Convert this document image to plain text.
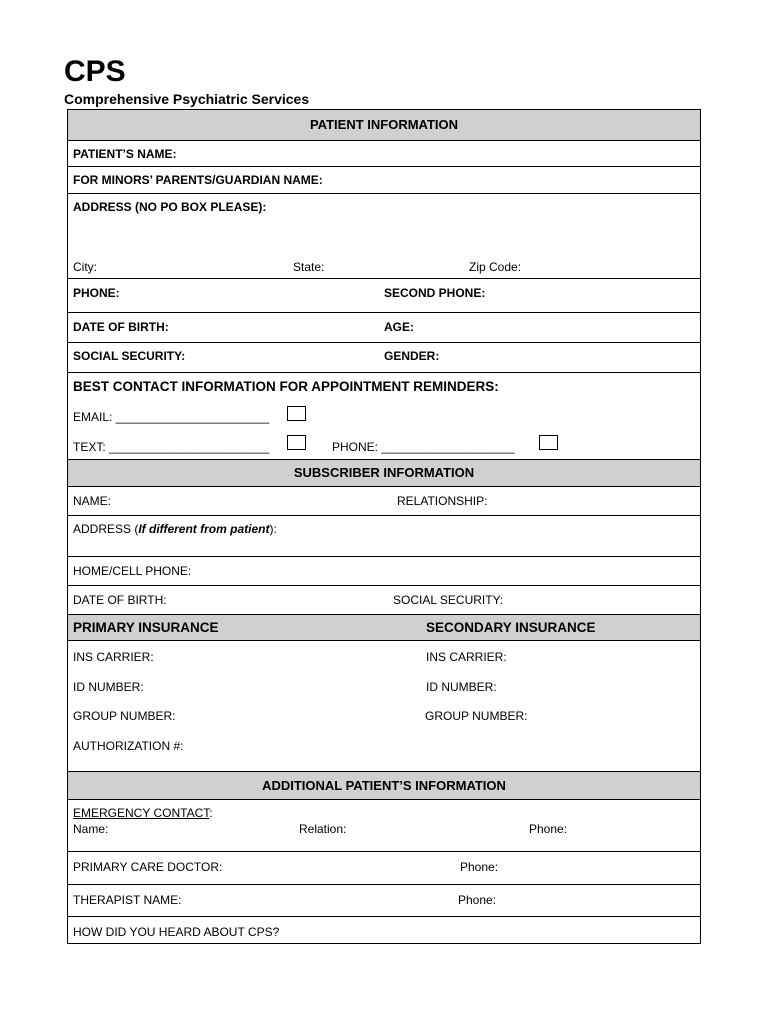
CPS
Comprehensive Psychiatric Services
PATIENT INFORMATION
PATIENT’S NAME:
FOR MINORS’ PARENTS/GUARDIAN NAME:
ADDRESS (NO PO BOX PLEASE):
City:	State:	Zip Code:
PHONE:	SECOND PHONE:
DATE OF BIRTH:	AGE:
SOCIAL SECURITY:	GENDER:
BEST CONTACT INFORMATION FOR APPOINTMENT REMINDERS:
EMAIL: _______________________
TEXT: ________________________	PHONE: ____________________
SUBSCRIBER INFORMATION
NAME:	RELATIONSHIP:
ADDRESS (If different from patient):
HOME/CELL PHONE:
DATE OF BIRTH:	SOCIAL SECURITY:
PRIMARY INSURANCE	SECONDARY INSURANCE
INS CARRIER:	INS CARRIER:
ID NUMBER:	ID NUMBER:
GROUP NUMBER:	GROUP NUMBER:
AUTHORIZATION #:
ADDITIONAL PATIENT’S INFORMATION
EMERGENCY CONTACT:
Name:	Relation:	Phone:
PRIMARY CARE DOCTOR:	Phone:
THERAPIST NAME:	Phone:
HOW DID YOU HEARD ABOUT CPS?
